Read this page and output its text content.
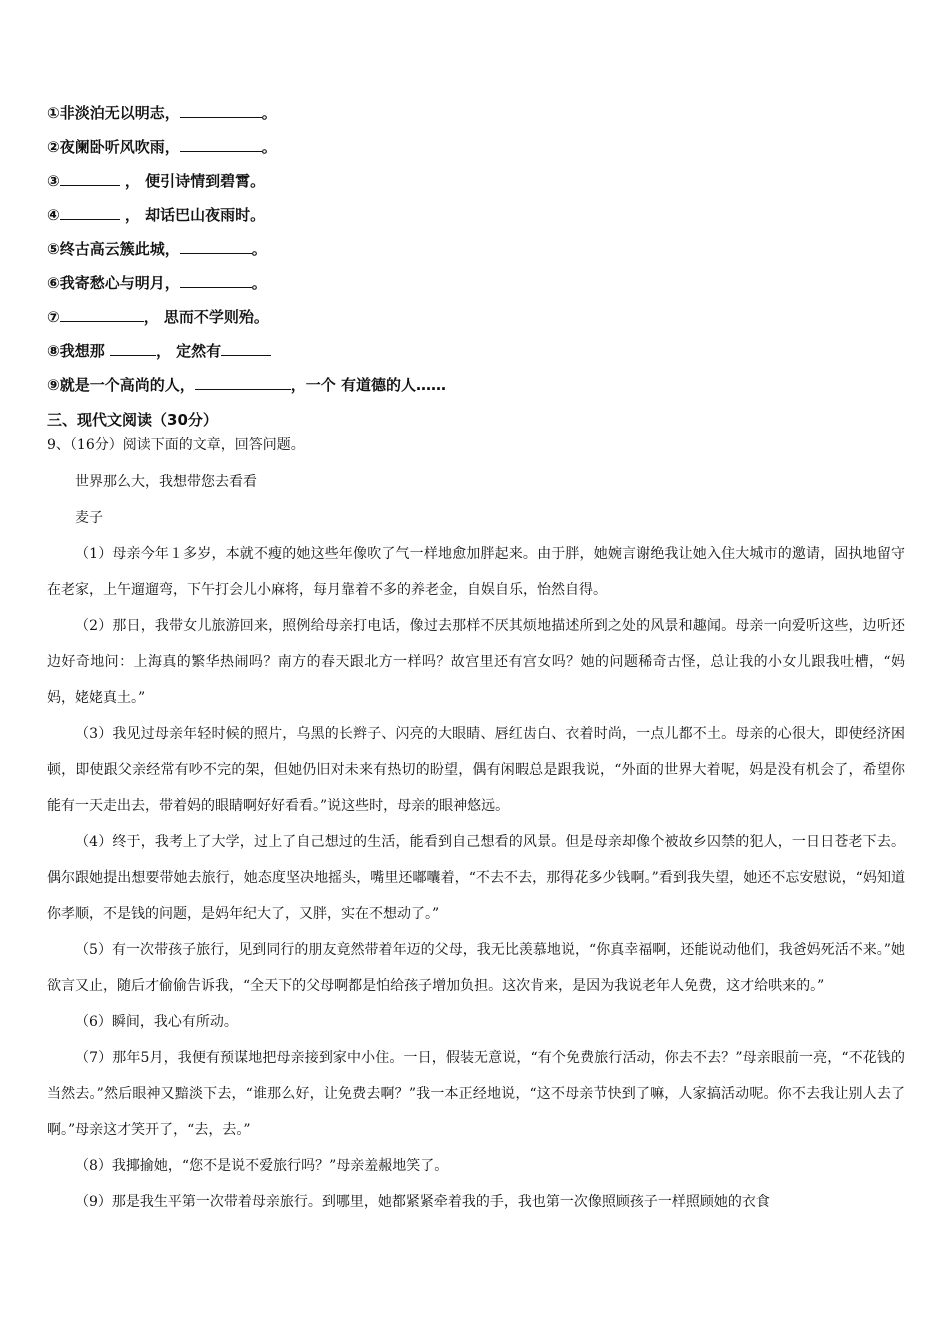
①非淡泊无以明志，	。
②夜阑卧听风吹雨，	。
③	， 便引诗情到碧霄。
④	， 却话巴山夜雨时。
⑤终古高云簇此城，	。
⑥我寄愁心与明月，	。
⑦	， 思而不学则殆。
⑧我想那	， 定然有
⑨就是一个高尚的人，	，一个 有道德的人……
三、现代文阅读（30分）
9、（16分）阅读下面的文章，回答问题。

世界那么大，我想带您去看看

麦子

（1）母亲今年１多岁，本就不瘦的她这些年像吹了气一样地愈加胖起来。由于胖，她婉言谢绝我让她入住大城市的邀请，固执地留守在老家，上午遛遛弯，下午打会儿小麻将，每月靠着不多的养老金，自娱自乐，怡然自得。

（2）那日，我带女儿旅游回来，照例给母亲打电话，像过去那样不厌其烦地描述所到之处的风景和趣闻。母亲一向爱听这些，边听还边好奇地问：上海真的繁华热闹吗？南方的春天跟北方一样吗？故宫里还有宫女吗？她的问题稀奇古怪，总让我的小女儿跟我吐槽，“妈妈，姥姥真土。”

（3）我见过母亲年轻时候的照片，乌黑的长辫子、闪亮的大眼睛、唇红齿白、衣着时尚，一点儿都不土。母亲的心很大，即使经济困顿，即使跟父亲经常有吵不完的架，但她仍旧对未来有热切的盼望，偶有闲暇总是跟我说，“外面的世界大着呢，妈是没有机会了，希望你能有一天走出去，带着妈的眼睛啊好好看看。”说这些时，母亲的眼神悠远。

（4）终于，我考上了大学，过上了自己想过的生活，能看到自己想看的风景。但是母亲却像个被故乡囚禁的犯人，一日日苍老下去。偶尔跟她提出想要带她去旅行，她态度坚决地摇头，嘴里还嘟囔着，“不去不去，那得花多少钱啊。”看到我失望，她还不忘安慰说，“妈知道你孝顺，不是钱的问题，是妈年纪大了，又胖，实在不想动了。”

（5）有一次带孩子旅行，见到同行的朋友竟然带着年迈的父母，我无比羡慕地说，“你真幸福啊，还能说动他们，我爸妈死活不来。”她欲言又止，随后才偷偷告诉我，“全天下的父母啊都是怕给孩子增加负担。这次肯来，是因为我说老年人免费，这才给哄来的。”

（6）瞬间，我心有所动。

（7）那年5月，我便有预谋地把母亲接到家中小住。一日，假装无意说，“有个免费旅行活动，你去不去？”母亲眼前一亮，“不花钱的当然去。”然后眼神又黯淡下去，“谁那么好，让免费去啊？”我一本正经地说，“这不母亲节快到了嘛，人家搞活动呢。你不去我让别人去了啊。”母亲这才笑开了，“去，去。”

（8）我揶揄她，“您不是说不爱旅行吗？”母亲羞赧地笑了。

（9）那是我生平第一次带着母亲旅行。到哪里，她都紧紧牵着我的手，我也第一次像照顾孩子一样照顾她的衣食
